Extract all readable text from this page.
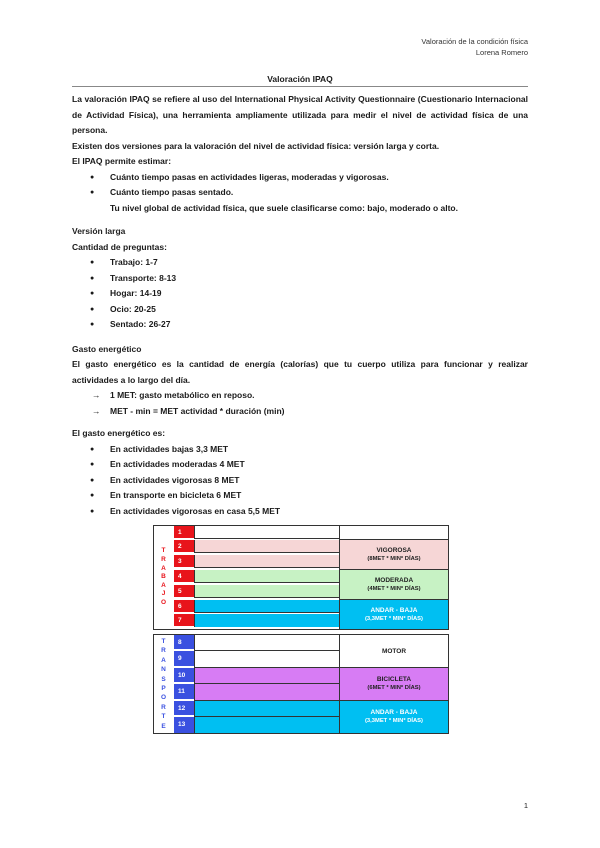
Valoración de la condición física
Lorena Romero
Valoración IPAQ

La valoración IPAQ se refiere al uso del International Physical Activity Questionnaire (Cuestionario Internacional de Actividad Física), una herramienta ampliamente utilizada para medir el nivel de actividad física de una persona.

Existen dos versiones para la valoración del nivel de actividad física: versión larga y corta.

El IPAQ permite estimar:

● Cuánto tiempo pasas en actividades ligeras, moderadas y vigorosas.
● Cuánto tiempo pasas sentado.

Tu nivel global de actividad física, que suele clasificarse como: bajo, moderado o alto.

Versión larga

Cantidad de preguntas:

● Trabajo: 1-7
● Transporte: 8-13
● Hogar: 14-19
● Ocio: 20-25
● Sentado: 26-27

Gasto energético

El gasto energético es la cantidad de energía (calorías) que tu cuerpo utiliza para funcionar y realizar actividades a lo largo del día.

→ 1 MET: gasto metabólico en reposo.
→ MET - min = MET actividad * duración (min)

El gasto energético es:

● En actividades bajas 3,3 MET
● En actividades moderadas 4 MET
● En actividades vigorosas 8 MET
● En transporte en bicicleta 6 MET
● En actividades vigorosas en casa 5,5 MET
T
R
A
B
A
J
O
1
2
3
4
5
6
7
VIGOROSA
(8MET * MIN* DÍAS)
MODERADA
(4MET * MIN* DÍAS)
ANDAR - BAJA
(3,3MET * MIN* DÍAS)
T
R
A
N
S
P
O
R
T
E
8
9
10
11
12
13
MOTOR
BICICLETA
(6MET * MIN* DÍAS)
ANDAR - BAJA
(3,3MET * MIN* DÍAS)
1
